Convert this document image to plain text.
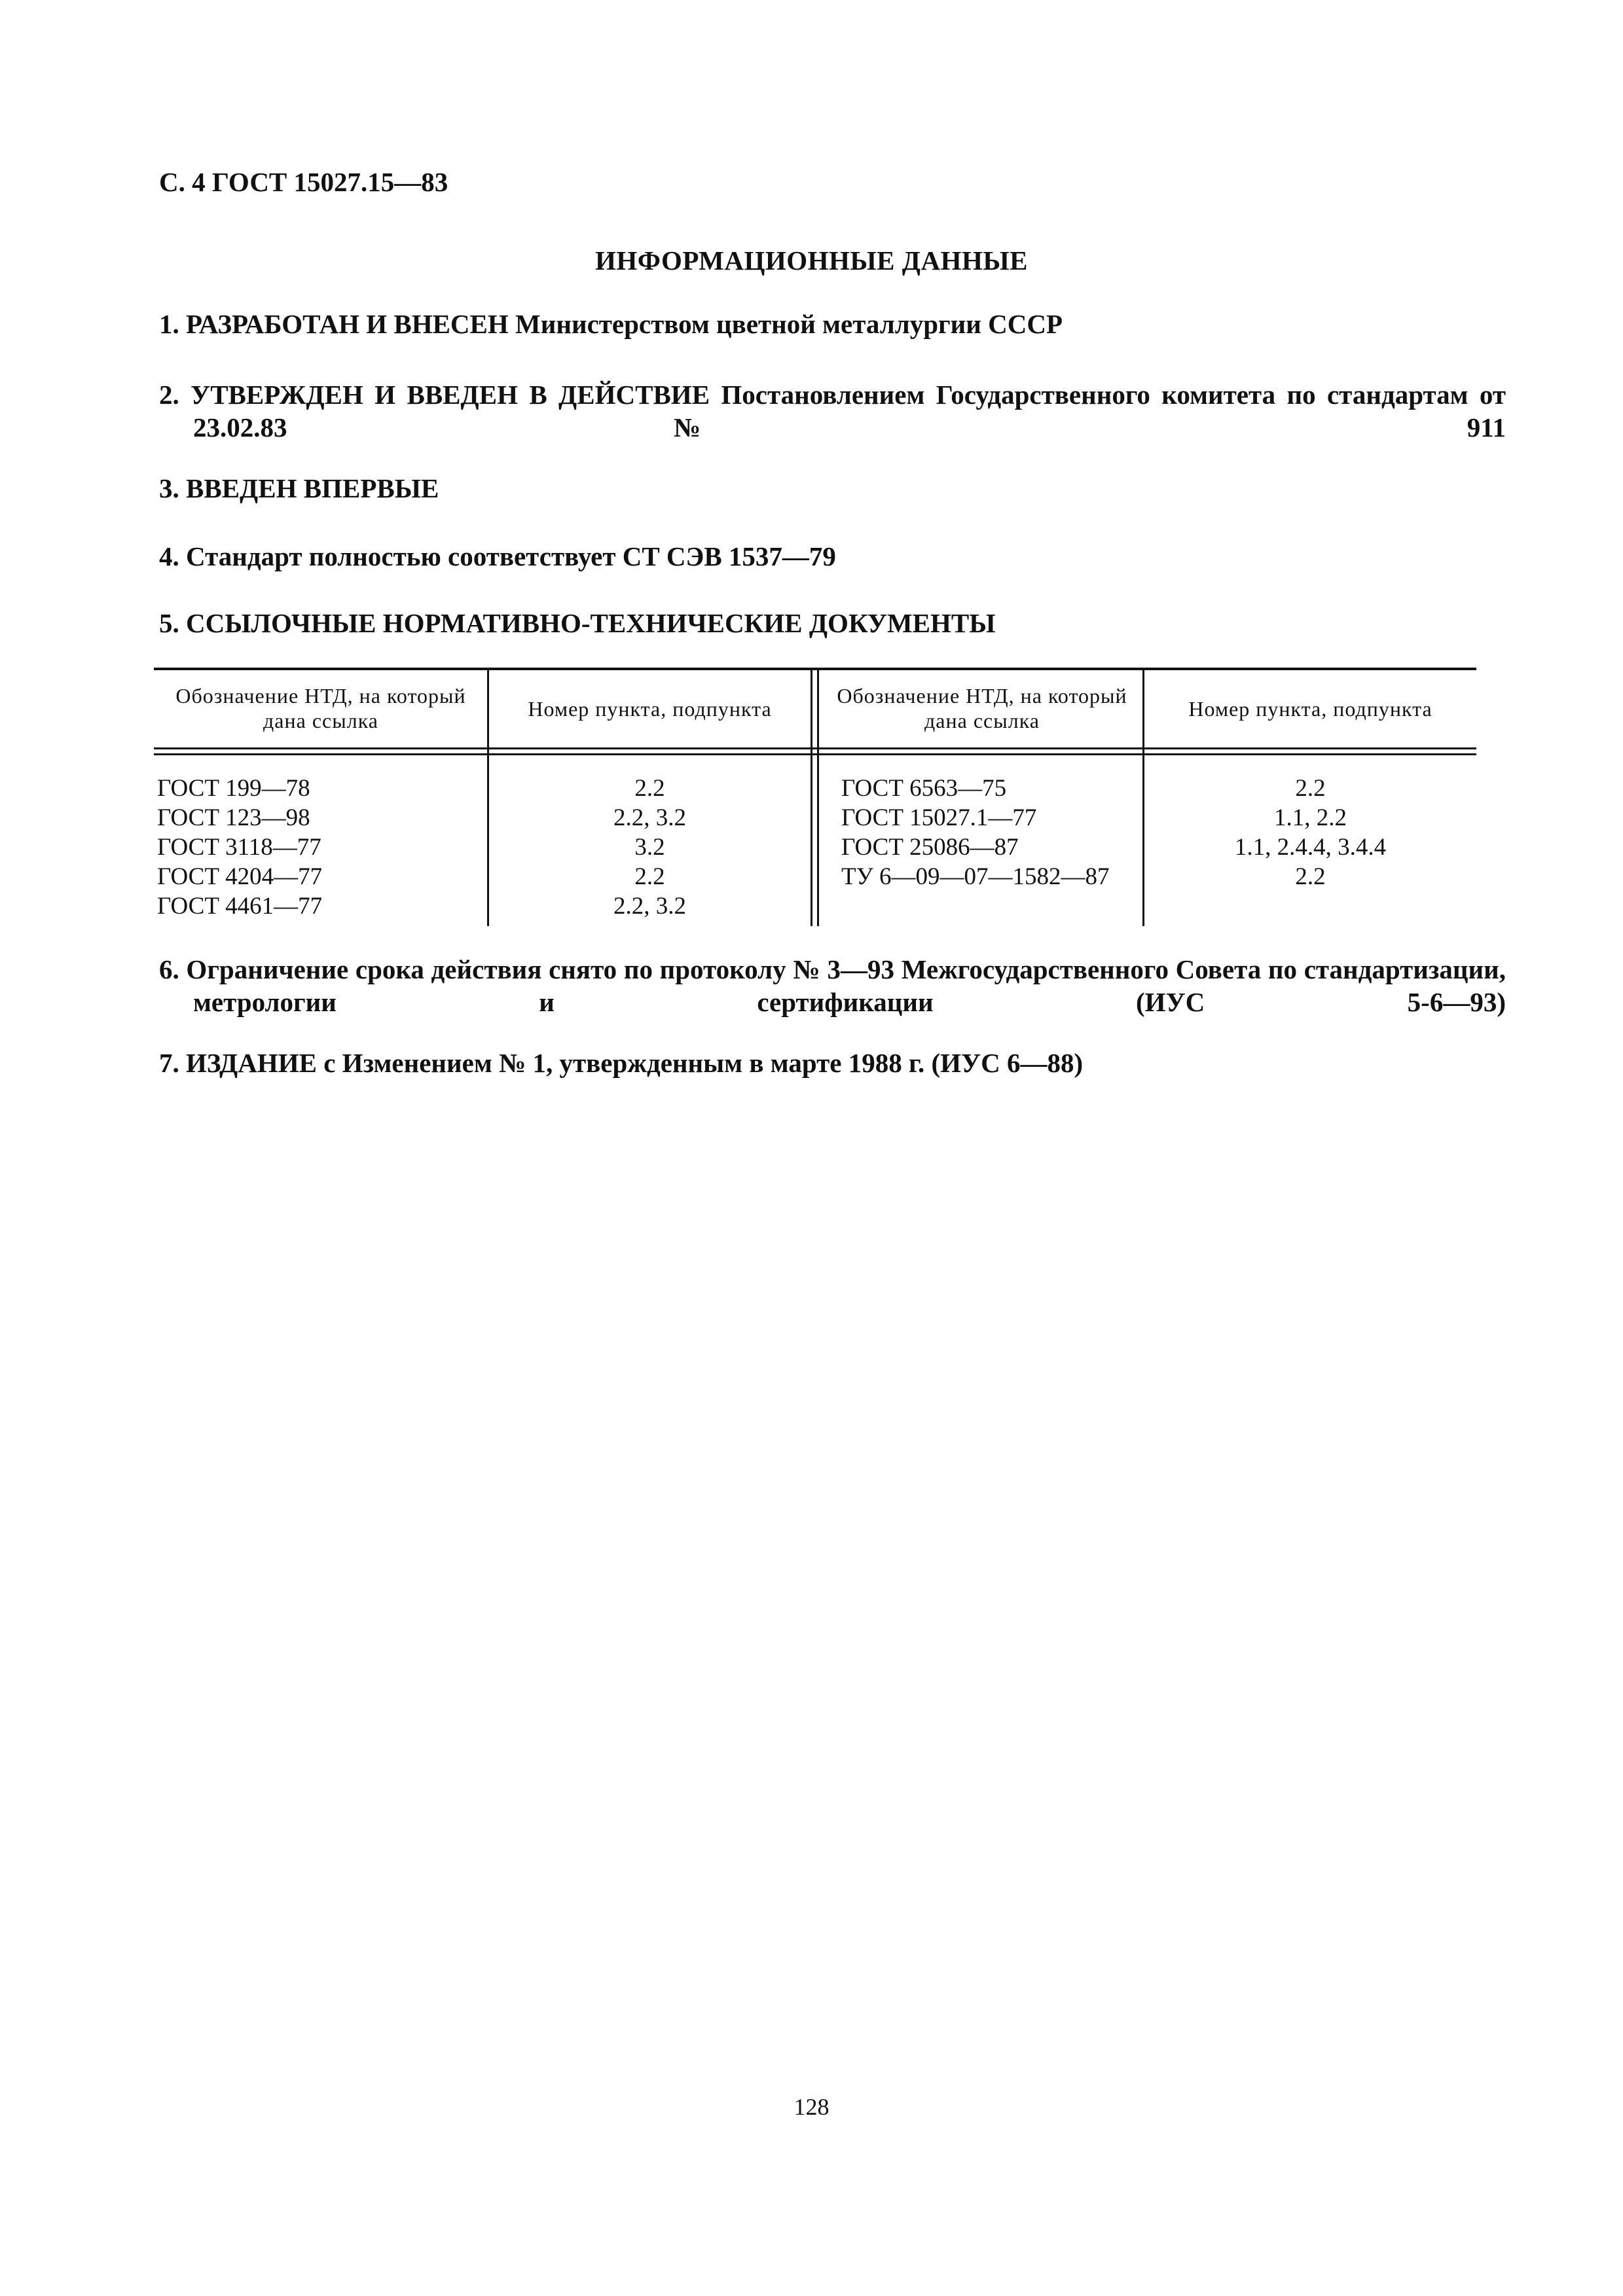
С. 4 ГОСТ 15027.15—83
ИНФОРМАЦИОННЫЕ ДАННЫЕ
1. РАЗРАБОТАН И ВНЕСЕН Министерством цветной металлургии СССР
2. УТВЕРЖДЕН И ВВЕДЕН В ДЕЙСТВИЕ Постановлением Государственного комитета по стандартам от 23.02.83 № 911
3. ВВЕДЕН ВПЕРВЫЕ
4. Стандарт полностью соответствует СТ СЭВ 1537—79
5. ССЫЛОЧНЫЕ НОРМАТИВНО-ТЕХНИЧЕСКИЕ ДОКУМЕНТЫ
Обозначение НТД, на который дана ссылка	Номер пункта, подпункта
Обозначение НТД, на который дана ссылка	Номер пункта, подпункта
ГОСТ 199—78
ГОСТ 123—98
ГОСТ 3118—77
ГОСТ 4204—77
ГОСТ 4461—77
2.2
2.2, 3.2
3.2
2.2
2.2, 3.2
ГОСТ 6563—75
ГОСТ 15027.1—77
ГОСТ 25086—87
ТУ 6—09—07—1582—87
2.2
1.1, 2.2
1.1, 2.4.4, 3.4.4
2.2
6. Ограничение срока действия снято по протоколу № 3—93 Межгосударственного Совета по стандартизации, метрологии и сертификации (ИУС 5-6—93)
7. ИЗДАНИЕ с Изменением № 1, утвержденным в марте 1988 г. (ИУС 6—88)
128
